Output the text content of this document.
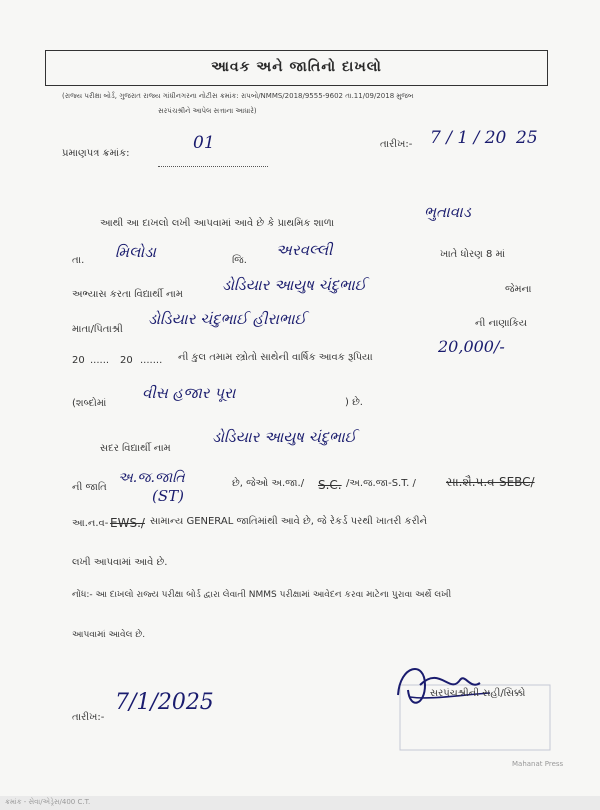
આવક અને જાતિનો દાખલો
(રાજ્ય પરીક્ષા બોર્ડ, ગુજરાત રાજ્ય ગાંધીનગરના નોટીસ ક્રમાંક: રાપબો/NMMS/2018/9555-9602 તા.11/09/2018 મુજબ
સરપંચશ્રીને આપેલ સત્તાના આધારે)
પ્રમાણપત્ર ક્રમાંક:
01	તારીખ:- 7 / 1 / 20 25
આથી આ દાખલો લખી આપવામાં આવે છે કે પ્રાથમિક શાળા
ભુતાવાડ
તા. મિલોડા	જિ.
અરવલ્લી	ખાતે ધોરણ 8 માં
અભ્યાસ કરતા વિદ્યાર્થી નામ
ડોડિયાર આયુષ ચંદુભાઈ	જેમના
માતા/પિતાશ્રી
ડોડિયાર ચંદુભાઈ હીરાભાઈ	ની નાણાકિય
20 ...... 20 ....... ની કુલ તમામ સ્ત્રોતો સાથેની વાર્ષિક આવક રૂપિયા
20,000/-
(શબ્દોમાં
વીસ હજાર પૂરા
) છે.
સદર વિદ્યાર્થી નામ
ડોડિયાર આયુષ ચંદુભાઈ
ની જાતિ
અ.જ.જાતિ	છે, જેઓ અ.જા./ S.C. /અ.જ.જા-S.T. /	સા.શૈ.પ.વ-SEBC/
(ST)
આ.ન.વ- EWS./ સામાન્ય GENERAL જાતિમાંથી આવે છે, જે રેકર્ડ પરથી ખાતરી કરીને
લખી આપવામાં આવે છે.
નોંધ:- આ દાખલો રાજ્ય પરીક્ષા બોર્ડ દ્વારા લેવાતી NMMS પરીક્ષામાં આવેદન કરવા માટેના પુરાવા અર્થે લખી
આપવામાં આવેલ છે.
તારીખ:-
7/1/2025	સરપંચશ્રીની સહી/સિક્કો
Mahanat Press
ક્રમાંક - સેવા/એડ્રેસ/400 C.T.
